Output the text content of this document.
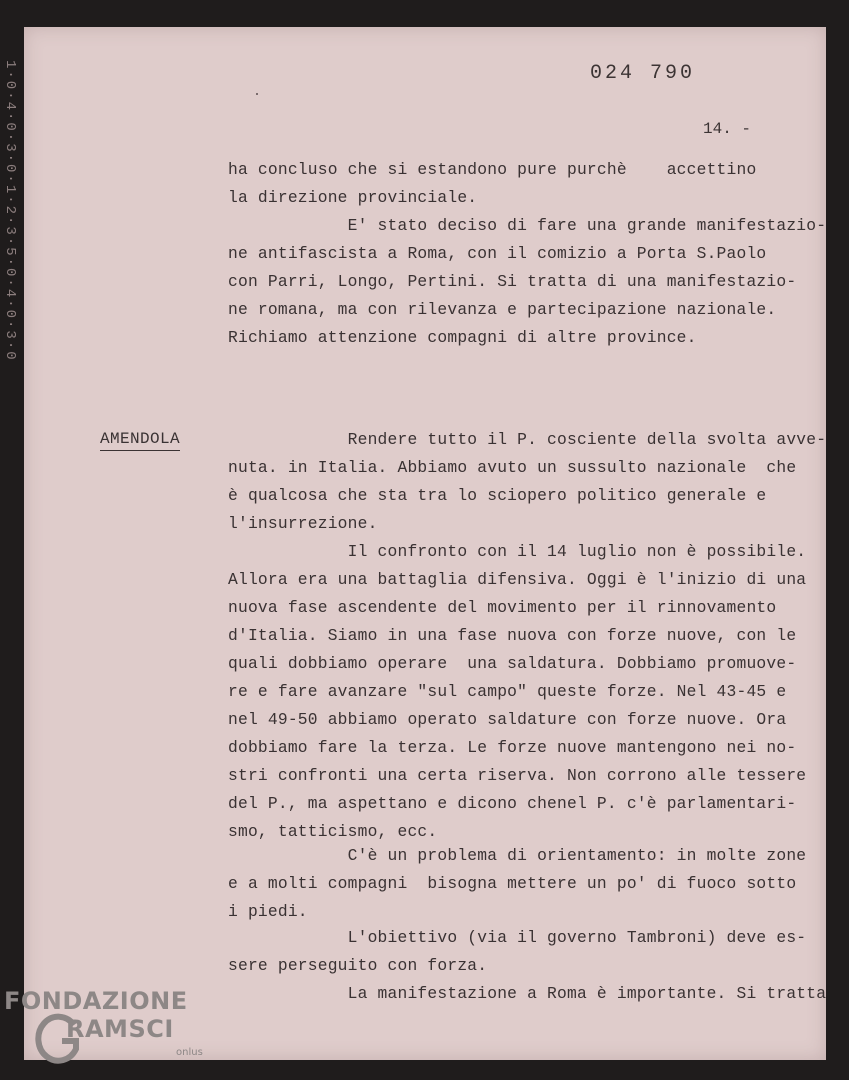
1·0·4·0·3·0·1·2·3·5·0·4·0·3·0	024 790
14. -
AMENDOLA
ha concluso che si estandono pure purchè    accettino
la direzione provinciale.
E' stato deciso di fare una grande manifestazio-
ne antifascista a Roma, con il comizio a Porta S.Paolo
con Parri, Longo, Pertini. Si tratta di una manifestazio-
ne romana, ma con rilevanza e partecipazione nazionale.
Richiamo attenzione compagni di altre province.
Rendere tutto il P. cosciente della svolta avve-
nuta. in Italia. Abbiamo avuto un sussulto nazionale  che
è qualcosa che sta tra lo sciopero politico generale e
l'insurrezione.
Il confronto con il 14 luglio non è possibile.
Allora era una battaglia difensiva. Oggi è l'inizio di una
nuova fase ascendente del movimento per il rinnovamento
d'Italia. Siamo in una fase nuova con forze nuove, con le
quali dobbiamo operare  una saldatura. Dobbiamo promuove-
re e fare avanzare "sul campo" queste forze. Nel 43-45 e
nel 49-50 abbiamo operato saldature con forze nuove. Ora
dobbiamo fare la terza. Le forze nuove mantengono nei no-
stri confronti una certa riserva. Non corrono alle tessere
del P., ma aspettano e dicono chenel P. c'è parlamentari-
smo, tatticismo, ecc.
C'è un problema di orientamento: in molte zone
e a molti compagni  bisogna mettere un po' di fuoco sotto
i piedi.
L'obiettivo (via il governo Tambroni) deve es-
sere perseguito con forza.
La manifestazione a Roma è importante. Si tratta
FONDAZIONE
RAMSCI
onlus
